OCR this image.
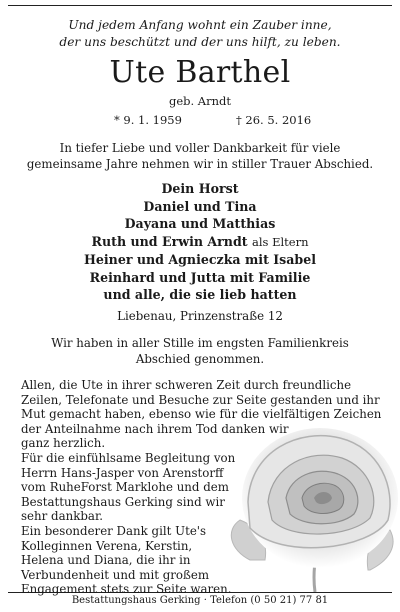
Und jedem Anfang wohnt ein Zauber inne,
der uns beschützt und der uns hilft, zu leben.
Ute Barthel
geb. Arndt
* 9. 1. 1959	† 26. 5. 2016
In tiefer Liebe und voller Dankbarkeit für viele
gemeinsame Jahre nehmen wir in stiller Trauer Abschied.
Dein Horst
Daniel und Tina
Dayana und Matthias
Ruth und Erwin Arndt als Eltern
Heiner und Agnieczka mit Isabel
Reinhard und Jutta mit Familie
und alle, die sie lieb hatten
Liebenau, Prinzenstraße 12
Wir haben in aller Stille im engsten Familienkreis
Abschied genommen.
Allen, die Ute in ihrer schweren Zeit durch freundliche
Zeilen, Telefonate und Besuche zur Seite gestanden und ihr
Mut gemacht haben, ebenso wie für die vielfältigen Zeichen
der Anteilnahme nach ihrem Tod danken wir
ganz herzlich.
Für die einfühlsame Begleitung von
Herrn Hans-Jasper von Arenstorff
vom RuheForst Marklohe und dem
Bestattungshaus Gerking sind wir
sehr dankbar.
Ein besonderer Dank gilt Ute's
Kolleginnen Verena, Kerstin,
Helena und Diana, die ihr in
Verbundenheit und mit großem
Engagement stets zur Seite waren.
Bestattungshaus Gerking · Telefon (0 50 21) 77 81
